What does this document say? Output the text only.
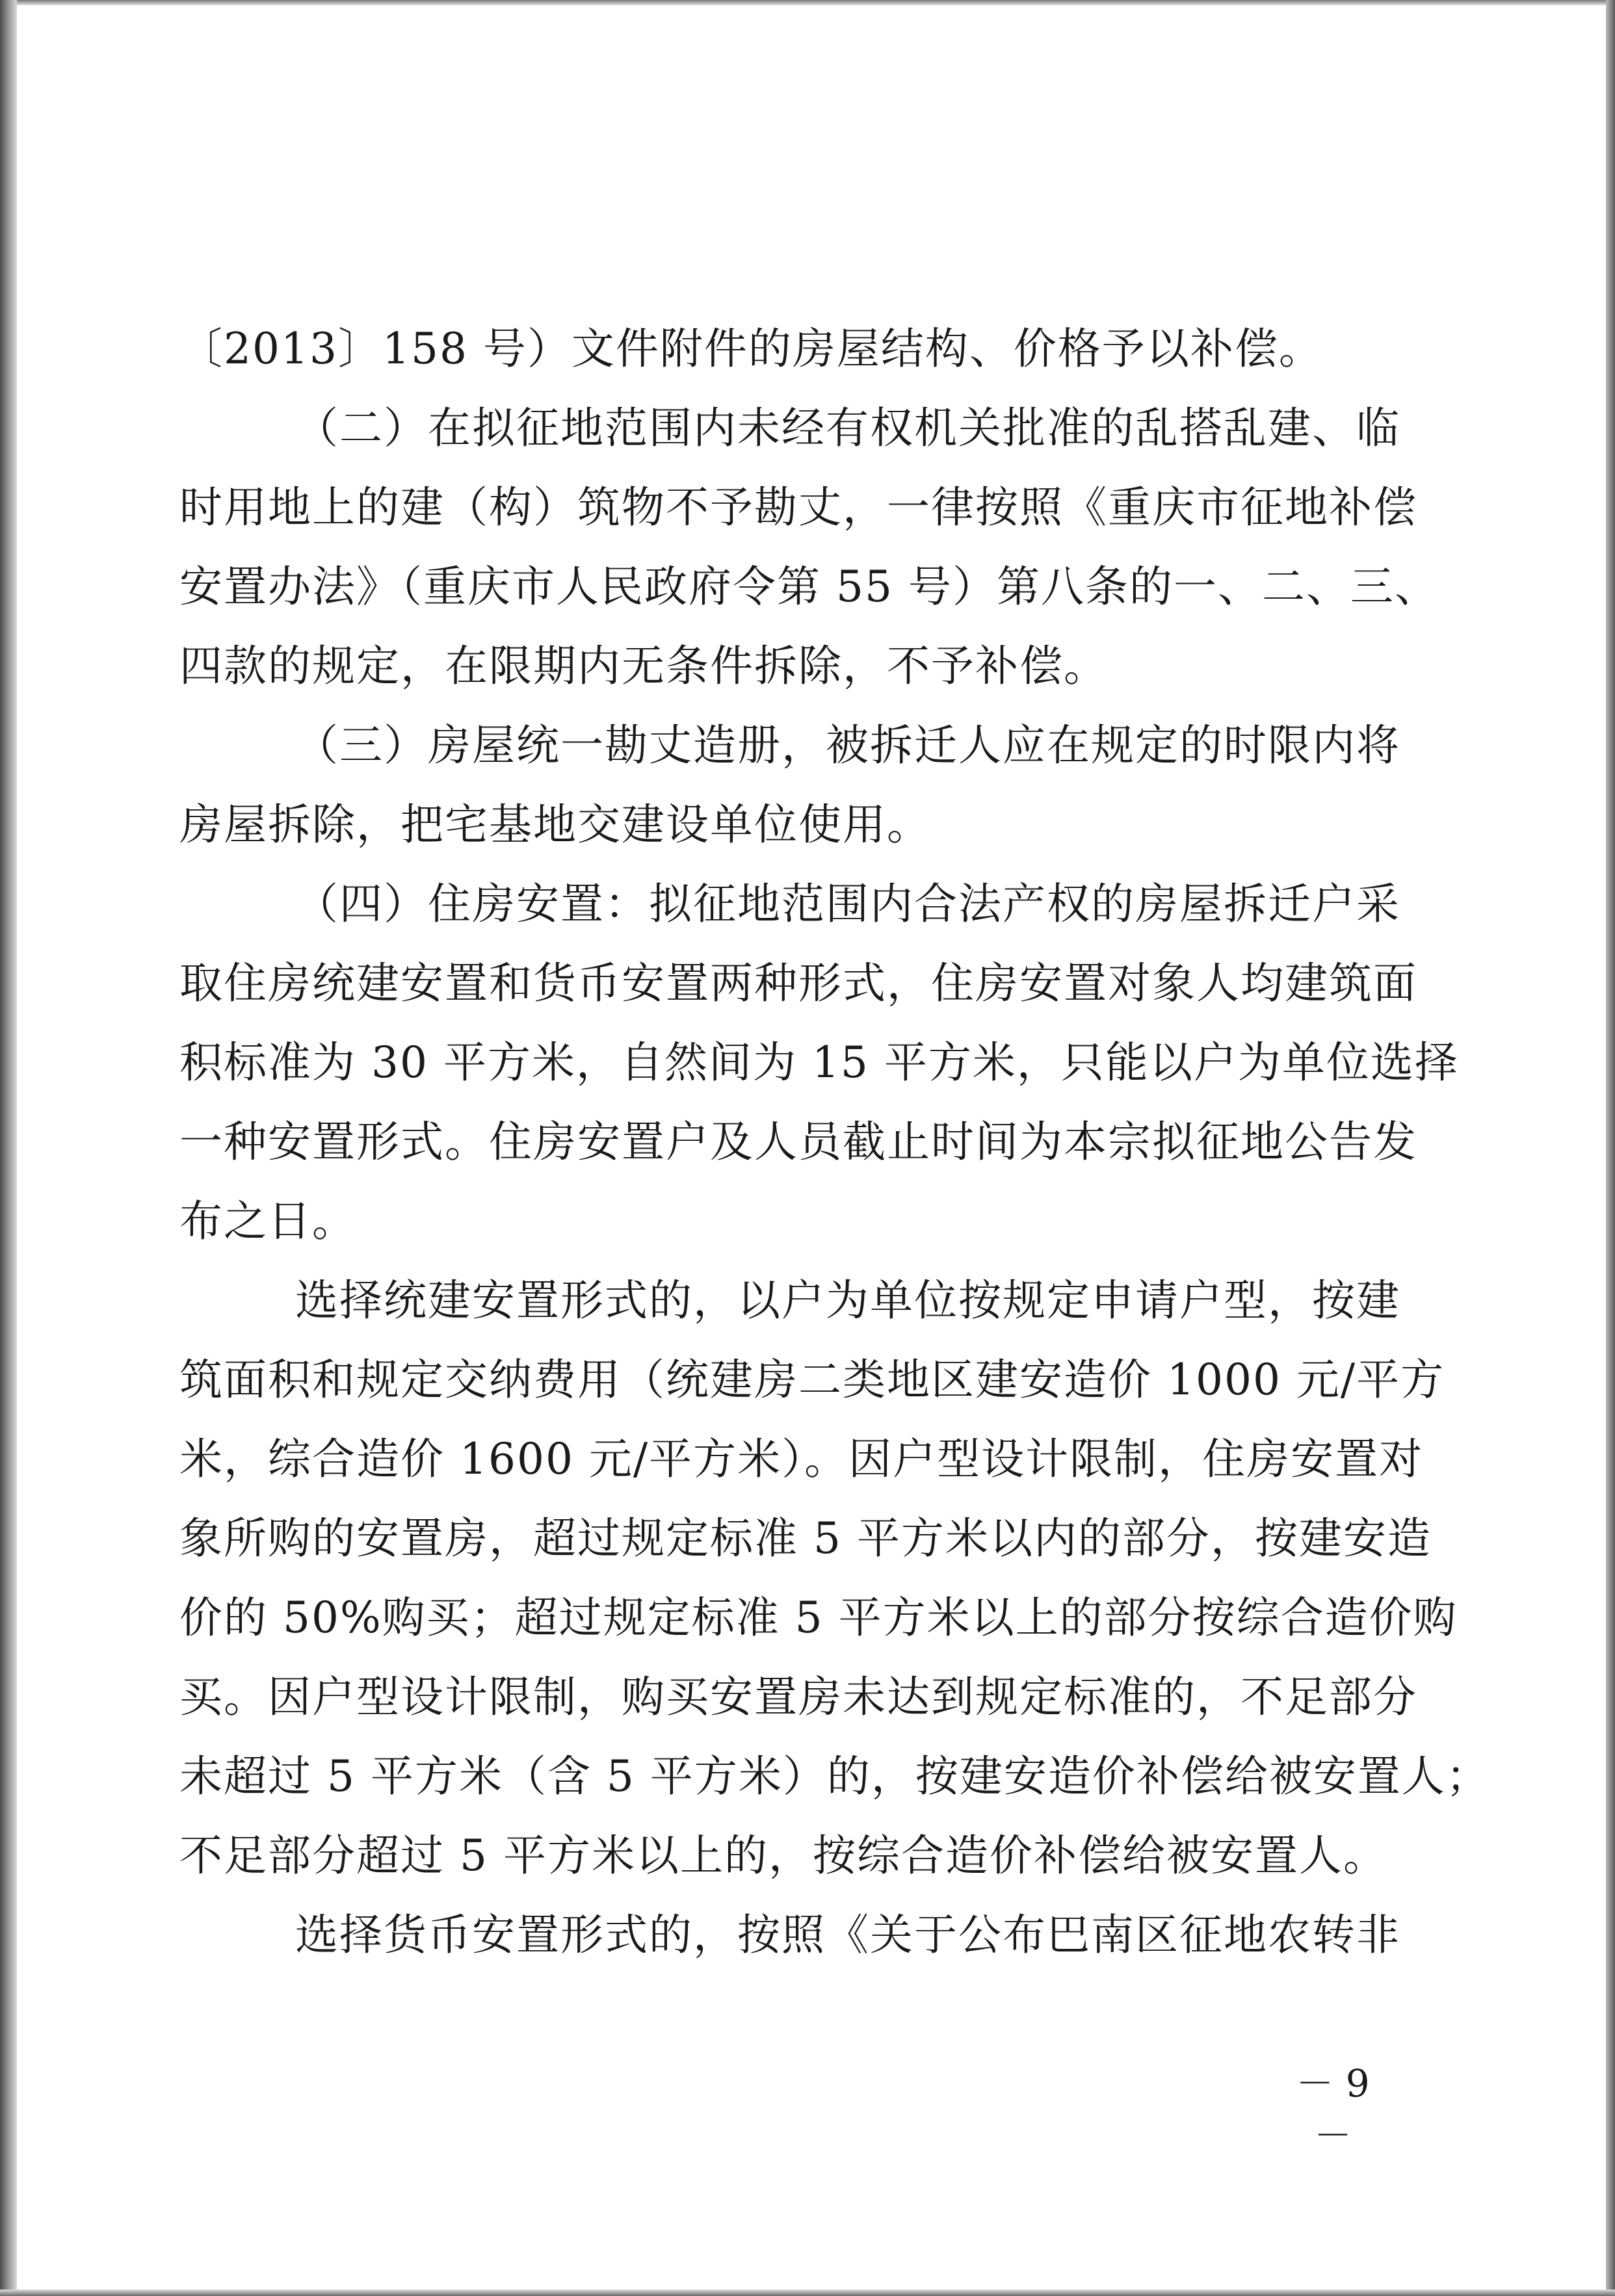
〔2013〕158 号）文件附件的房屋结构、价格予以补偿。
（二）在拟征地范围内未经有权机关批准的乱搭乱建、临
时用地上的建（构）筑物不予勘丈，一律按照《重庆市征地补偿
安置办法》（重庆市人民政府令第 55 号）第八条的一、二、三、
四款的规定，在限期内无条件拆除，不予补偿。
（三）房屋统一勘丈造册，被拆迁人应在规定的时限内将
房屋拆除，把宅基地交建设单位使用。
（四）住房安置：拟征地范围内合法产权的房屋拆迁户采
取住房统建安置和货币安置两种形式，住房安置对象人均建筑面
积标准为 30 平方米，自然间为 15 平方米，只能以户为单位选择
一种安置形式。住房安置户及人员截止时间为本宗拟征地公告发
布之日。
选择统建安置形式的，以户为单位按规定申请户型，按建
筑面积和规定交纳费用（统建房二类地区建安造价 1000 元/平方
米，综合造价 1600 元/平方米）。因户型设计限制，住房安置对
象所购的安置房，超过规定标准 5 平方米以内的部分，按建安造
价的 50%购买；超过规定标准 5 平方米以上的部分按综合造价购
买。因户型设计限制，购买安置房未达到规定标准的，不足部分
未超过 5 平方米（含 5 平方米）的，按建安造价补偿给被安置人；
不足部分超过 5 平方米以上的，按综合造价补偿给被安置人。
选择货币安置形式的，按照《关于公布巴南区征地农转非
－ 9 －
